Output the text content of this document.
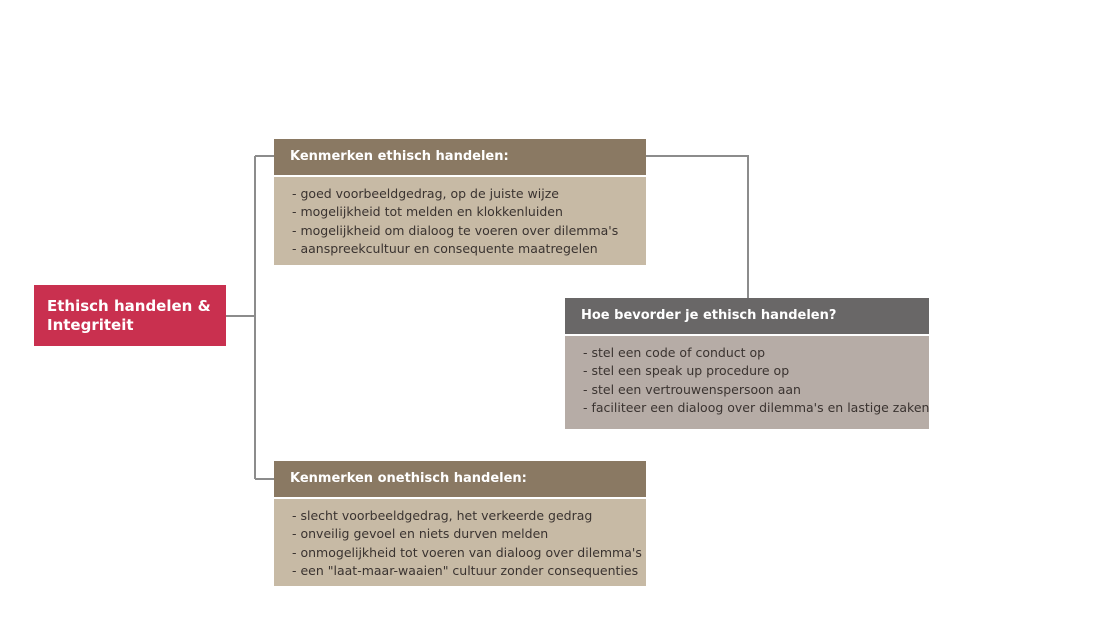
Ethisch handelen &
Integriteit
Kenmerken ethisch handelen:
- goed voorbeeldgedrag, op de juiste wijze
- mogelijkheid tot melden en klokkenluiden
- mogelijkheid om dialoog te voeren over dilemma's
- aanspreekcultuur en consequente maatregelen
Hoe bevorder je ethisch handelen?
- stel een code of conduct op
- stel een speak up procedure op
- stel een vertrouwenspersoon aan
- faciliteer een dialoog over dilemma's en lastige zaken
Kenmerken onethisch handelen:
- slecht voorbeeldgedrag, het verkeerde gedrag
- onveilig gevoel en niets durven melden
- onmogelijkheid tot voeren van dialoog over dilemma's
- een "laat-maar-waaien" cultuur zonder consequenties
